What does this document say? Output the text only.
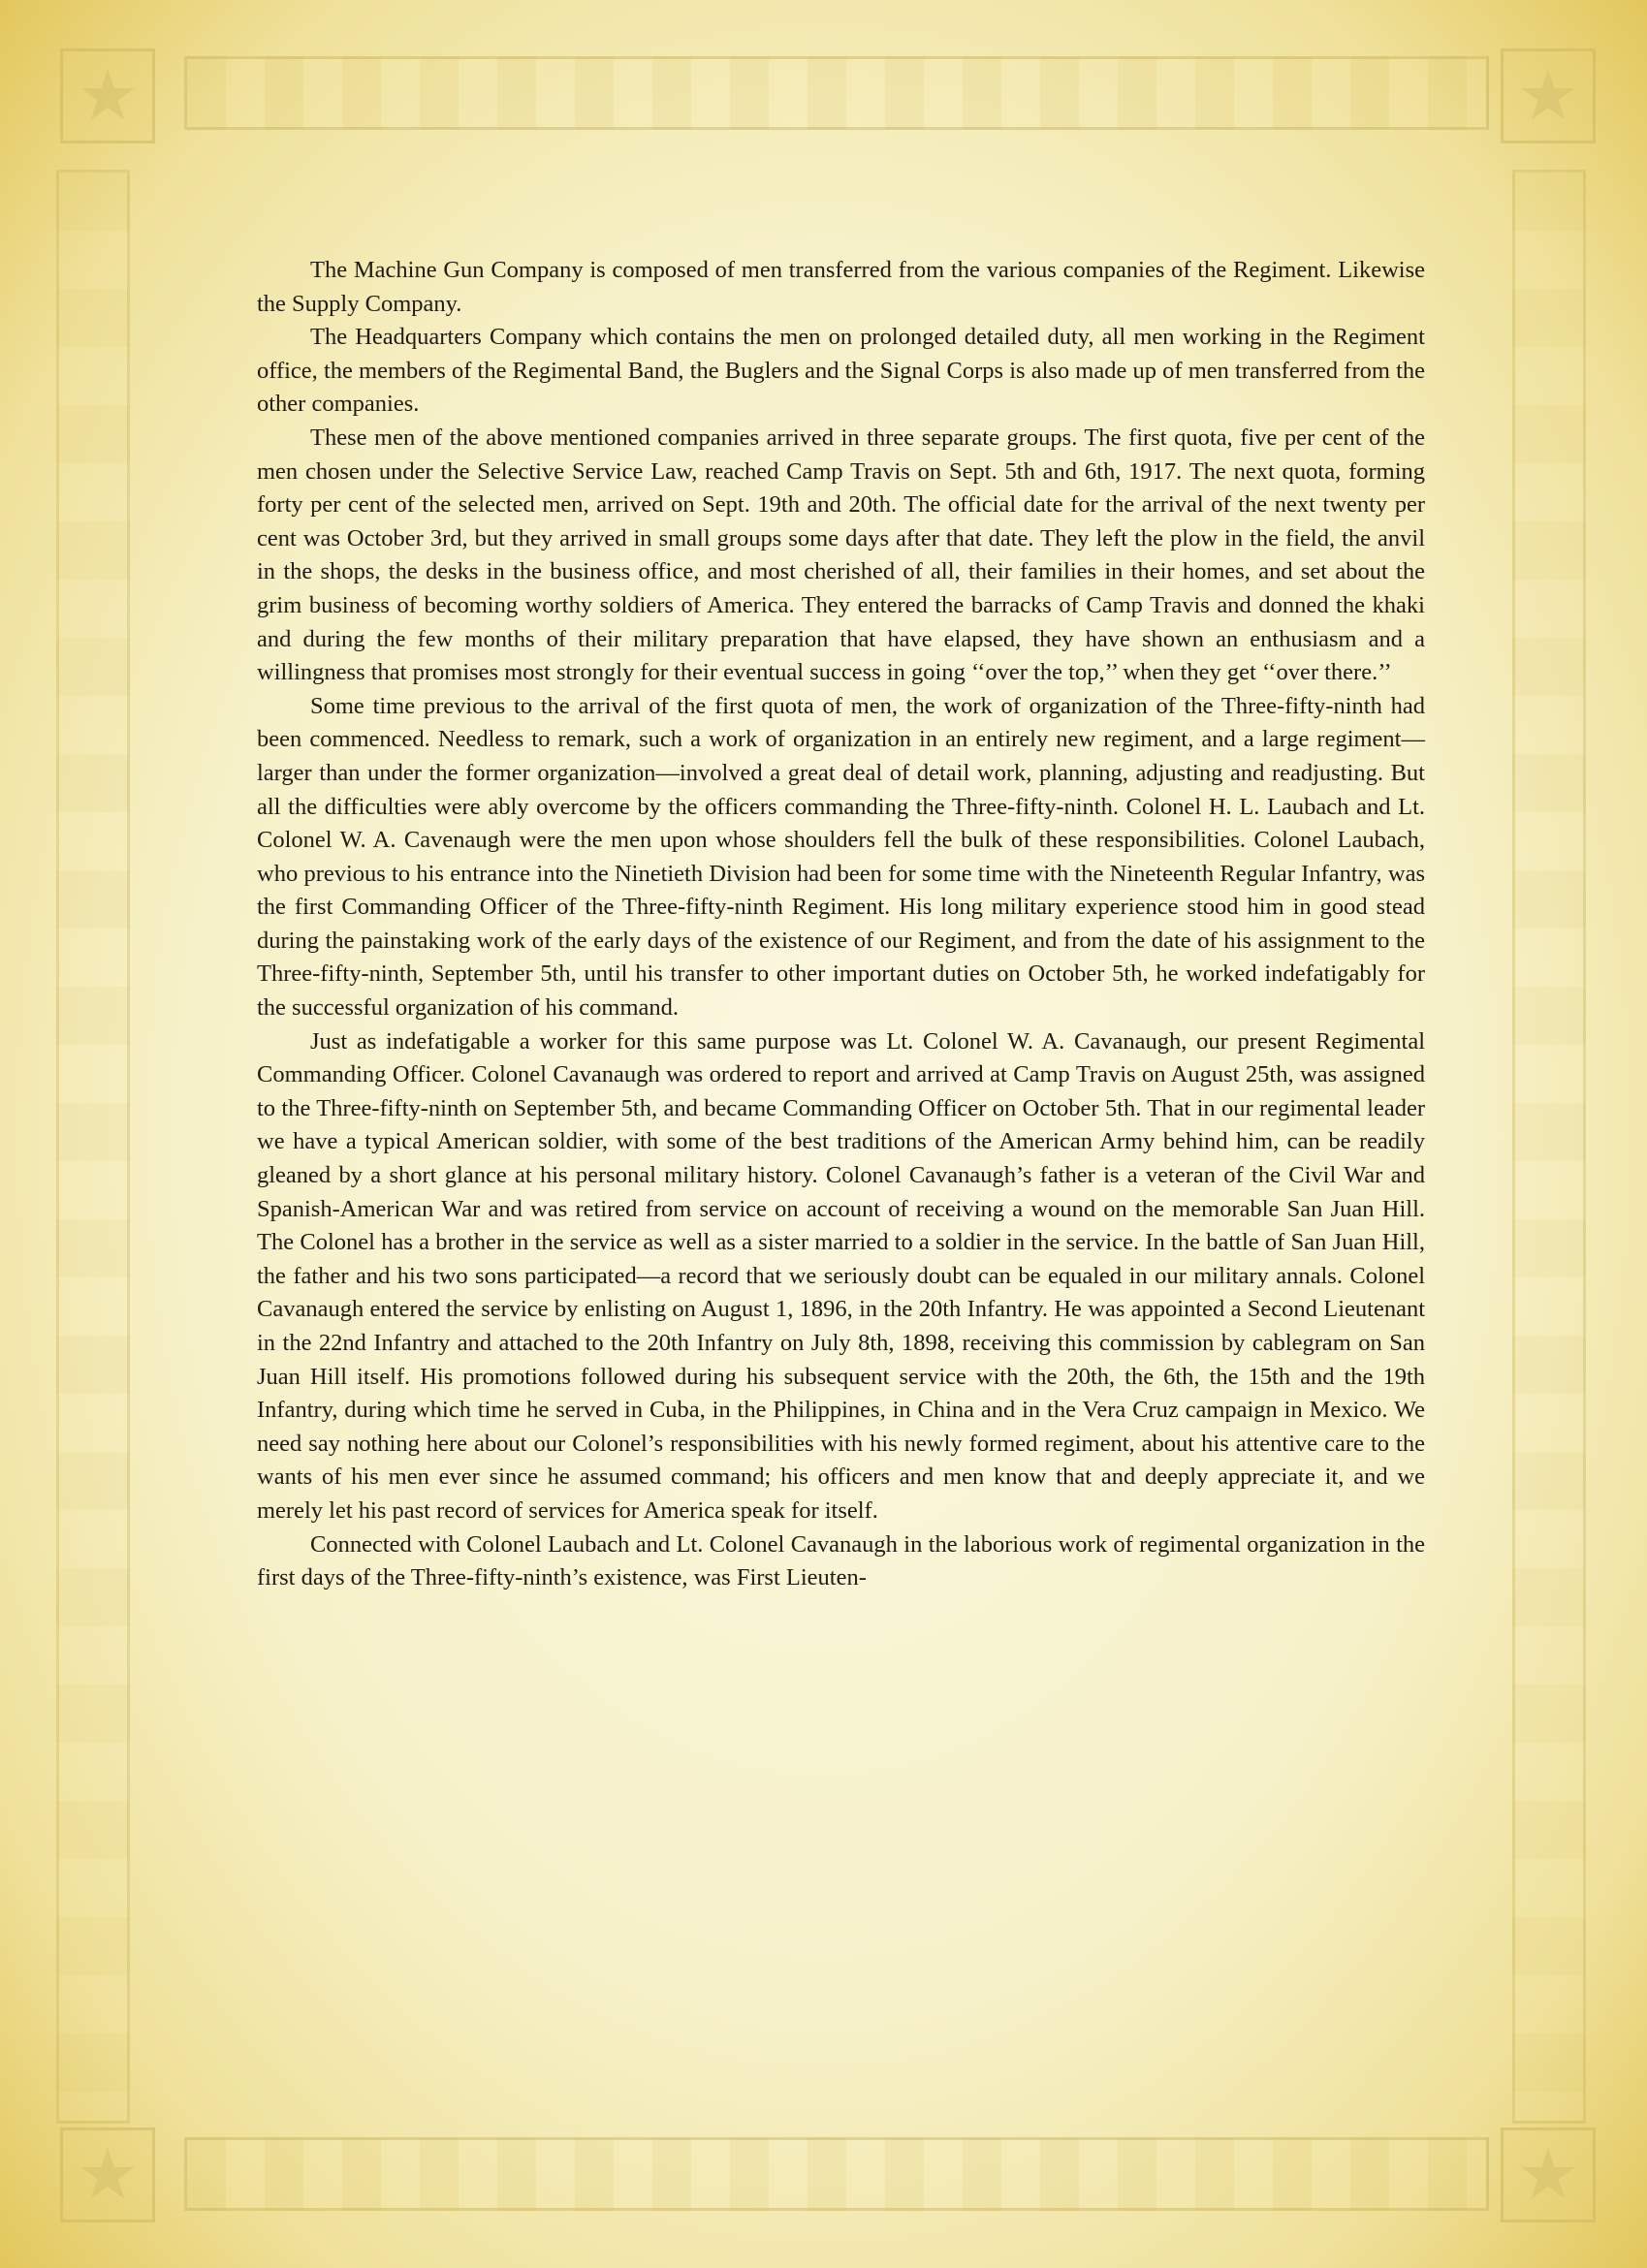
★	★
★	★

The Machine Gun Company is composed of men transferred from the various companies of the Regiment. Likewise the Supply Company.

The Headquarters Company which contains the men on prolonged detailed duty, all men working in the Regiment office, the members of the Regimental Band, the Buglers and the Signal Corps is also made up of men transferred from the other companies.

These men of the above mentioned companies arrived in three separate groups. The first quota, five per cent of the men chosen under the Selective Service Law, reached Camp Travis on Sept. 5th and 6th, 1917. The next quota, forming forty per cent of the selected men, arrived on Sept. 19th and 20th. The official date for the arrival of the next twenty per cent was October 3rd, but they arrived in small groups some days after that date. They left the plow in the field, the anvil in the shops, the desks in the business office, and most cherished of all, their families in their homes, and set about the grim business of becoming worthy soldiers of America. They entered the barracks of Camp Travis and donned the khaki and during the few months of their military preparation that have elapsed, they have shown an enthusiasm and a willingness that promises most strongly for their eventual success in going ‘‘over the top,’’ when they get ‘‘over there.’’

Some time previous to the arrival of the first quota of men, the work of organization of the Three-fifty-ninth had been commenced. Needless to remark, such a work of organization in an entirely new regiment, and a large regiment—larger than under the former organization—involved a great deal of detail work, planning, adjusting and readjusting. But all the difficulties were ably overcome by the officers commanding the Three-fifty-ninth. Colonel H. L. Laubach and Lt. Colonel W. A. Cavenaugh were the men upon whose shoulders fell the bulk of these responsibilities. Colonel Laubach, who previous to his entrance into the Ninetieth Division had been for some time with the Nineteenth Regular Infantry, was the first Commanding Officer of the Three-fifty-ninth Regiment. His long military experience stood him in good stead during the painstaking work of the early days of the existence of our Regiment, and from the date of his assignment to the Three-fifty-ninth, September 5th, until his transfer to other important duties on October 5th, he worked indefatigably for the successful organization of his command.

Just as indefatigable a worker for this same purpose was Lt. Colonel W. A. Cavanaugh, our present Regimental Commanding Officer. Colonel Cavanaugh was ordered to report and arrived at Camp Travis on August 25th, was assigned to the Three-fifty-ninth on September 5th, and became Commanding Officer on October 5th. That in our regimental leader we have a typical American soldier, with some of the best traditions of the American Army behind him, can be readily gleaned by a short glance at his personal military history. Colonel Cavanaugh’s father is a veteran of the Civil War and Spanish-American War and was retired from service on account of receiving a wound on the memorable San Juan Hill. The Colonel has a brother in the service as well as a sister married to a soldier in the service. In the battle of San Juan Hill, the father and his two sons participated—a record that we seriously doubt can be equaled in our military annals. Colonel Cavanaugh entered the service by enlisting on August 1, 1896, in the 20th Infantry. He was appointed a Second Lieutenant in the 22nd Infantry and attached to the 20th Infantry on July 8th, 1898, receiving this commission by cablegram on San Juan Hill itself. His promotions followed during his subsequent service with the 20th, the 6th, the 15th and the 19th Infantry, during which time he served in Cuba, in the Philippines, in China and in the Vera Cruz campaign in Mexico. We need say nothing here about our Colonel’s responsibilities with his newly formed regiment, about his attentive care to the wants of his men ever since he assumed command; his officers and men know that and deeply appreciate it, and we merely let his past record of services for America speak for itself.

Connected with Colonel Laubach and Lt. Colonel Cavanaugh in the laborious work of regimental organization in the first days of the Three-fifty-ninth’s existence, was First Lieuten-
